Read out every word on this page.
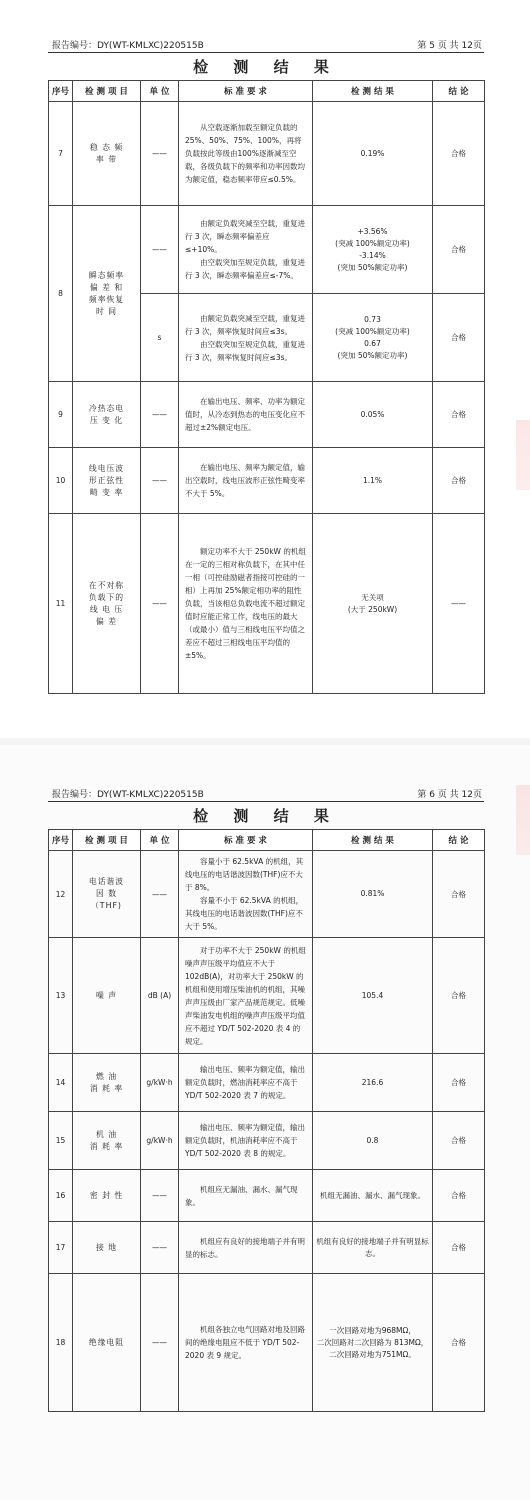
报告编号：DY(WT-KMLXC)220515B	第 5 页 共 12页
检 测 结 果
序号	检 测 项 目	单 位	标 准 要 求	检 测 结 果	结 论
7	稳 态 频
率 带	——	从空载逐渐加载至额定负载的25%、50%、75%、100%，再将负载按此等级由100%逐渐减至空载，各级负载下的频率和功率因数均为额定值，稳态频率带应≤0.5%。	0.19%	合格
8	瞬态频率
偏 差 和
频率恢复
时 间	——	由额定负载突减至空载，重复进行 3 次，瞬态频率偏差应≤+10%。
由空载突加至规定负载，重复进行 3 次，瞬态频率偏差应≤-7%。	+3.56%
(突减 100%额定功率)
-3.14%
(突加 50%额定功率)	合格
		s	由额定负载突减至空载，重复进行 3 次，频率恢复时间应≤3s。
由空载突加至规定负载，重复进行 3 次，频率恢复时间应≤3s。	0.73
(突减 100%额定功率)
0.67
(突加 50%额定功率)	合格
9	冷热态电
压 变 化	——	在输出电压、频率、功率为额定值时，从冷态到热态的电压变化应不超过±2%额定电压。	0.05%	合格
10	线电压波
形正弦性
畸 变 率	——	在输出电压、频率为额定值，输出空载时，线电压波形正弦性畸变率不大于 5%。	1.1%	合格
11	在不对称
负载下的
线 电 压
偏 差	——	额定功率不大于 250kW 的机组在一定的三相对称负载下，在其中任一相（可控硅励磁者指接可控硅的一相）上再加 25%额定相功率的阻性负载，当该相总负载电流不超过额定值时应能正常工作，线电压的最大（或最小）值与三相线电压平均值之差应不超过三相线电压平均值的±5%。	无关项
(大于 250kW)	——
报告编号：DY(WT-KMLXC)220515B	第 6 页 共 12页
检 测 结 果
序号	检 测 项 目	单 位	标 准 要 求	检 测 结 果	结 论
12	电话谐波
因 数
（THF)	——	容量小于 62.5kVA 的机组，其线电压的电话谐波因数(THF)应不大于 8%。
容量不小于 62.5kVA 的机组，其线电压的电话谐波因数(THF)应不大于 5%。	0.81%	合格
13	噪 声	dB (A)	对于功率不大于 250kW 的机组噪声声压级平均值应不大于102dB(A)，对功率大于 250kW 的机组和使用增压柴油机的机组，其噪声声压级由厂家产品规范规定。低噪声柴油发电机组的噪声声压级平均值应不超过 YD/T 502-2020 表 4 的规定。	105.4	合格
14	燃 油
消 耗 率	g/kW·h	输出电压、频率为额定值，输出额定负载时，燃油消耗率应不高于 YD/T 502-2020 表 7 的规定。	216.6	合格
15	机 油
消 耗 率	g/kW·h	输出电压、频率为额定值，输出额定负载时，机油消耗率应不高于 YD/T 502-2020 表 8 的规定。	0.8	合格
16	密 封 性	——	机组应无漏油、漏水、漏气现象。	机组无漏油、漏水、漏气现象。	合格
17	接 地	——	机组应有良好的接地端子并有明显的标志。	机组有良好的接地端子并有明显标志。	合格
18	绝缘电阻	——	机组各独立电气回路对地及回路间的绝缘电阻应不低于 YD/T 502-2020 表 9 规定。	一次回路对地为968MΩ，
二次回路对二次回路为 813MΩ，
二次回路对地为751MΩ。	合格
